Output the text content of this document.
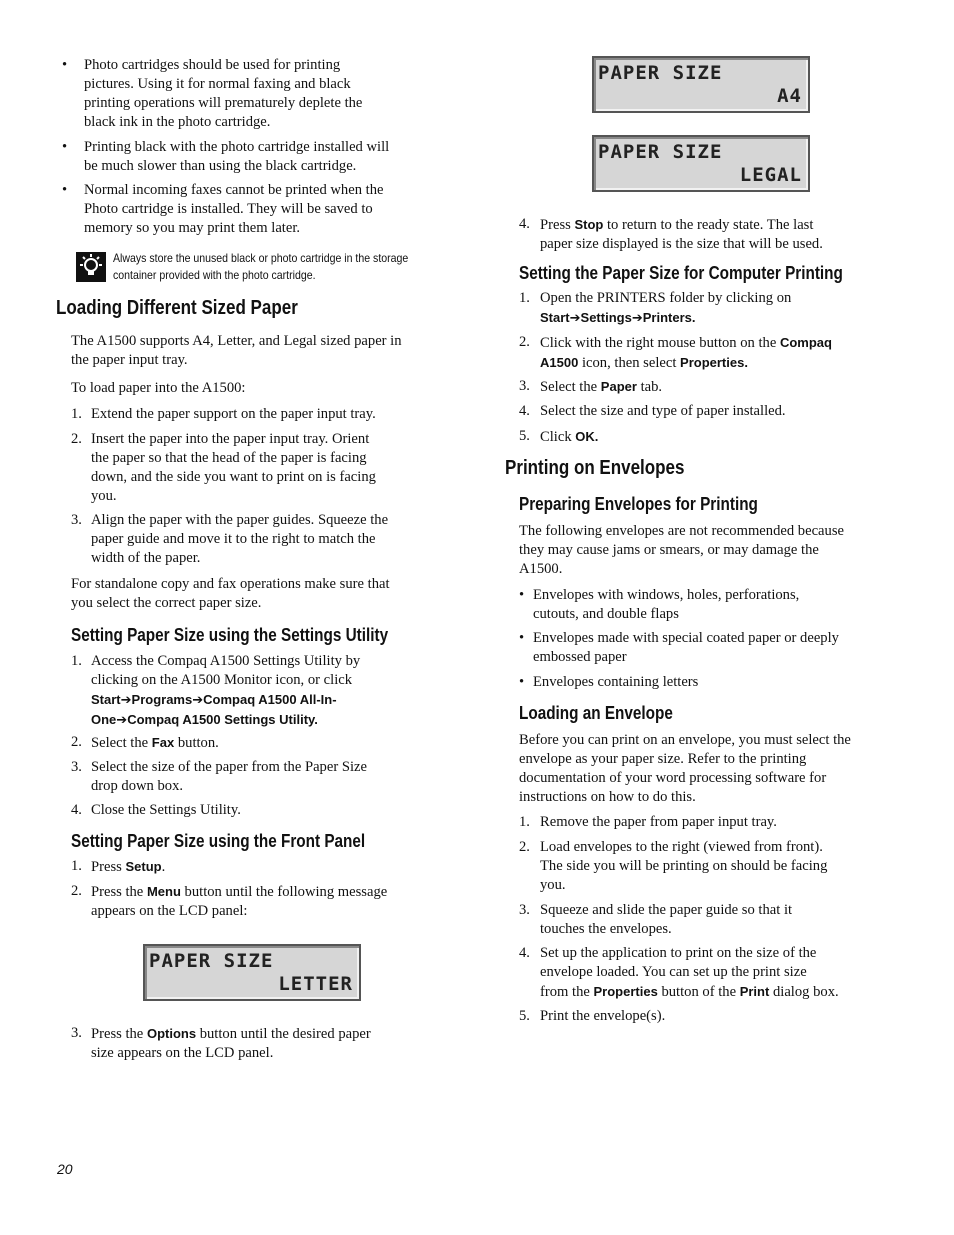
• Photo cartridges should be used for printing
pictures. Using it for normal faxing and black
printing operations will prematurely deplete the
black ink in the photo cartridge.
• Printing black with the photo cartridge installed will
be much slower than using the black cartridge.
• Normal incoming faxes cannot be printed when the
Photo cartridge is installed. They will be saved to
memory so you may print them later.
Always store the unused black or photo cartridge in the storage
container provided with the photo cartridge.
Loading Different Sized Paper
The A1500 supports A4, Letter, and Legal sized paper in
the paper input tray.
To load paper into the A1500:
1. Extend the paper support on the paper input tray.
2. Insert the paper into the paper input tray. Orient
the paper so that the head of the paper is facing
down, and the side you want to print on is facing
you.
3. Align the paper with the paper guides. Squeeze the
paper guide and move it to the right to match the
width of the paper.
For standalone copy and fax operations make sure that
you select the correct paper size.
Setting Paper Size using the Settings Utility
1. Access the Compaq A1500 Settings Utility by
clicking on the A1500 Monitor icon, or click
Start➔Programs➔Compaq A1500 All-In-
One➔Compaq A1500 Settings Utility.
2. Select the Fax button.
3. Select the size of the paper from the Paper Size
drop down box.
4. Close the Settings Utility.
Setting Paper Size using the Front Panel
1. Press Setup.
2. Press the Menu button until the following message
appears on the LCD panel:
PAPER SIZE
LETTER
3. Press the Options button until the desired paper
size appears on the LCD panel.
PAPER SIZE
A4
PAPER SIZE
LEGAL
4. Press Stop to return to the ready state. The last
paper size displayed is the size that will be used.
Setting the Paper Size for Computer Printing
1. Open the PRINTERS folder by clicking on
Start➔Settings➔Printers.
2. Click with the right mouse button on the Compaq
A1500 icon, then select Properties.
3. Select the Paper tab.
4. Select the size and type of paper installed.
5. Click OK.
Printing on Envelopes
Preparing Envelopes for Printing
The following envelopes are not recommended because
they may cause jams or smears, or may damage the
A1500.
• Envelopes with windows, holes, perforations,
cutouts, and double flaps
• Envelopes made with special coated paper or deeply
embossed paper
• Envelopes containing letters
Loading an Envelope
Before you can print on an envelope, you must select the
envelope as your paper size. Refer to the printing
documentation of your word processing software for
instructions on how to do this.
1. Remove the paper from paper input tray.
2. Load envelopes to the right (viewed from front).
The side you will be printing on should be facing
you.
3. Squeeze and slide the paper guide so that it
touches the envelopes.
4. Set up the application to print on the size of the
envelope loaded. You can set up the print size
from the Properties button of the Print dialog box.
5. Print the envelope(s).
20
